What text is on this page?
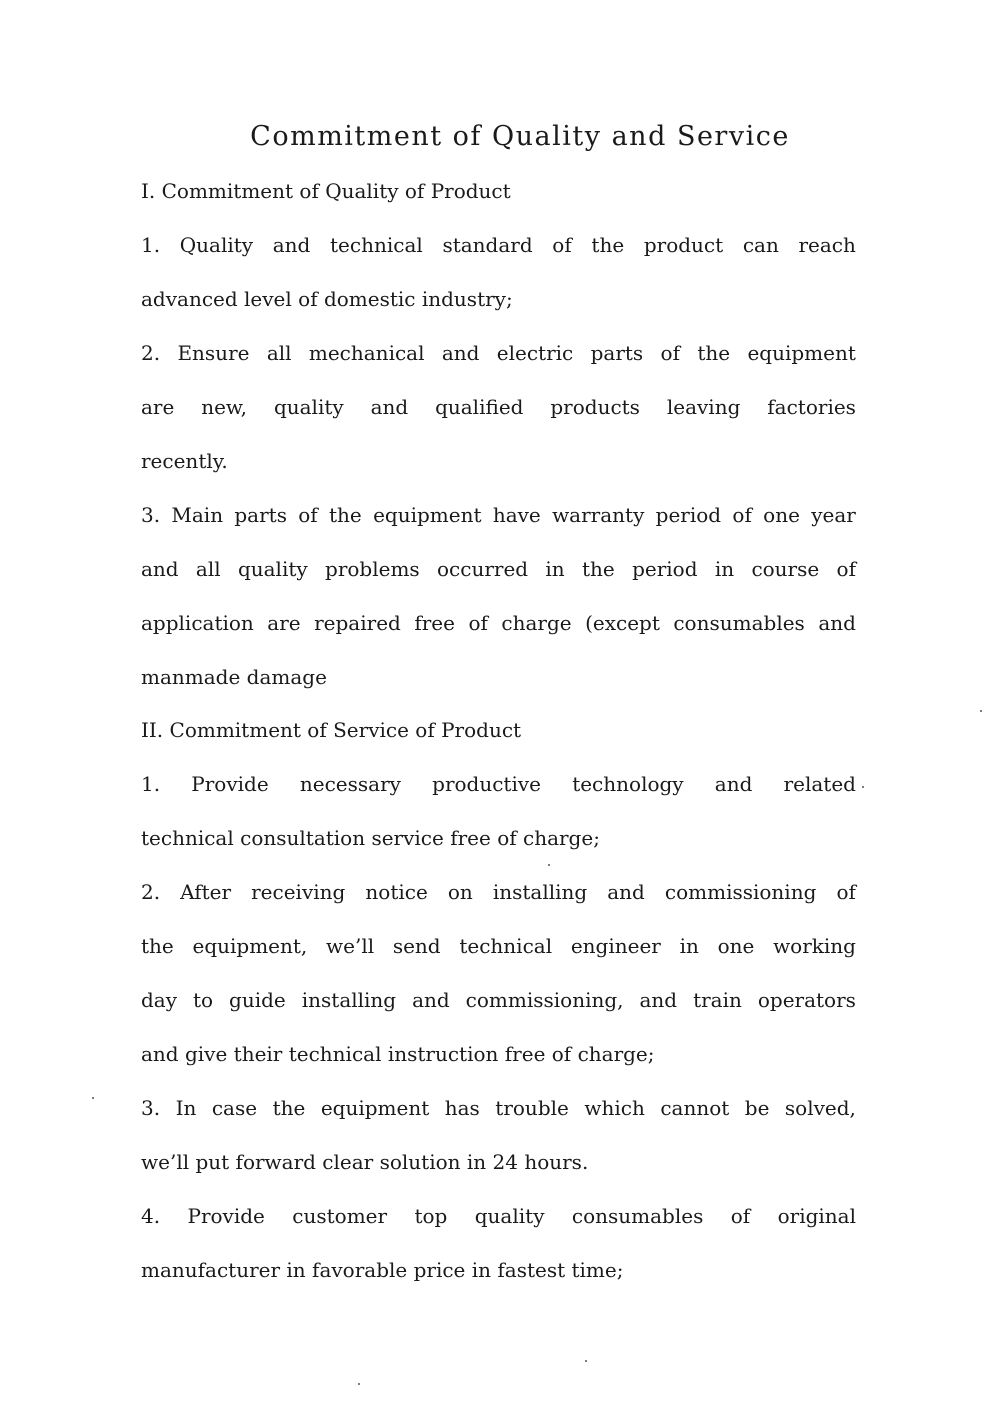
Commitment of Quality and Service
I. Commitment of Quality of Product
1. Quality and technical standard of the product can reach
advanced level of domestic industry;
2. Ensure all mechanical and electric parts of the equipment
are new, quality and qualified products leaving factories
recently.
3. Main parts of the equipment have warranty period of one year
and all quality problems occurred in the period in course of
application are repaired free of charge (except consumables and
manmade damage
II. Commitment of Service of Product
1. Provide necessary productive technology and related
technical consultation service free of charge;
2. After receiving notice on installing and commissioning of
the equipment, we’ll send technical engineer in one working
day to guide installing and commissioning, and train operators
and give their technical instruction free of charge;
3. In case the equipment has trouble which cannot be solved,
we’ll put forward clear solution in 24 hours.
4. Provide customer top quality consumables of original
manufacturer in favorable price in fastest time;
